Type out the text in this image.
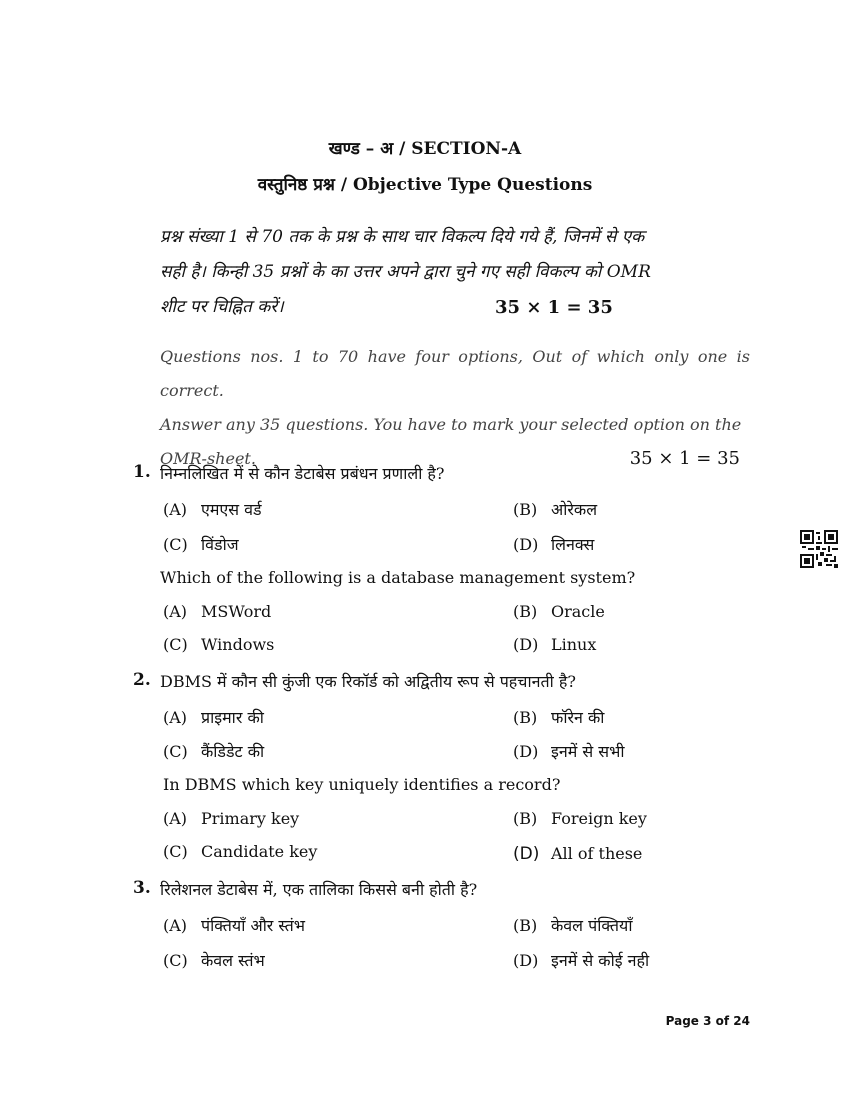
खण्ड – अ / SECTION-A
वस्तुनिष्ठ प्रश्न / Objective Type Questions
प्रश्न संख्या 1 से 70 तक के प्रश्न के साथ चार विकल्प दिये गये हैं, जिनमें से एक
सही है। किन्ही 35 प्रश्नों के का उत्तर अपने द्वारा चुने गए सही विकल्प को OMR
शीट पर चिह्नित करें।	35 × 1 = 35
Questions nos. 1 to 70 have four options, Out of which only one is correct.
Answer any 35 questions. You have to mark your selected option on the
OMR-sheet.	35 × 1 = 35
1. निम्नलिखित में से कौन डेटाबेस प्रबंधन प्रणाली है?
(A) एमएस वर्ड	(B) ओरेकल
(C) विंडोज	(D) लिनक्स
Which of the following is a database management system?
(A) MSWord	(B) Oracle
(C) Windows	(D) Linux
2. DBMS में कौन सी कुंजी एक रिकॉर्ड को अद्वितीय रूप से पहचानती है?
(A) प्राइमार की	(B) फॉरेन की
(C) कैंडिडेट की	(D) इनमें से सभी
In DBMS which key uniquely identifies a record?
(A) Primary key	(B) Foreign key
(C) Candidate key	(D) All of these
3. रिलेशनल डेटाबेस में, एक तालिका किससे बनी होती है?
(A) पंक्तियाँ और स्तंभ	(B) केवल पंक्तियाँ
(C) केवल स्तंभ	(D) इनमें से कोई नही
Page 3 of 24
